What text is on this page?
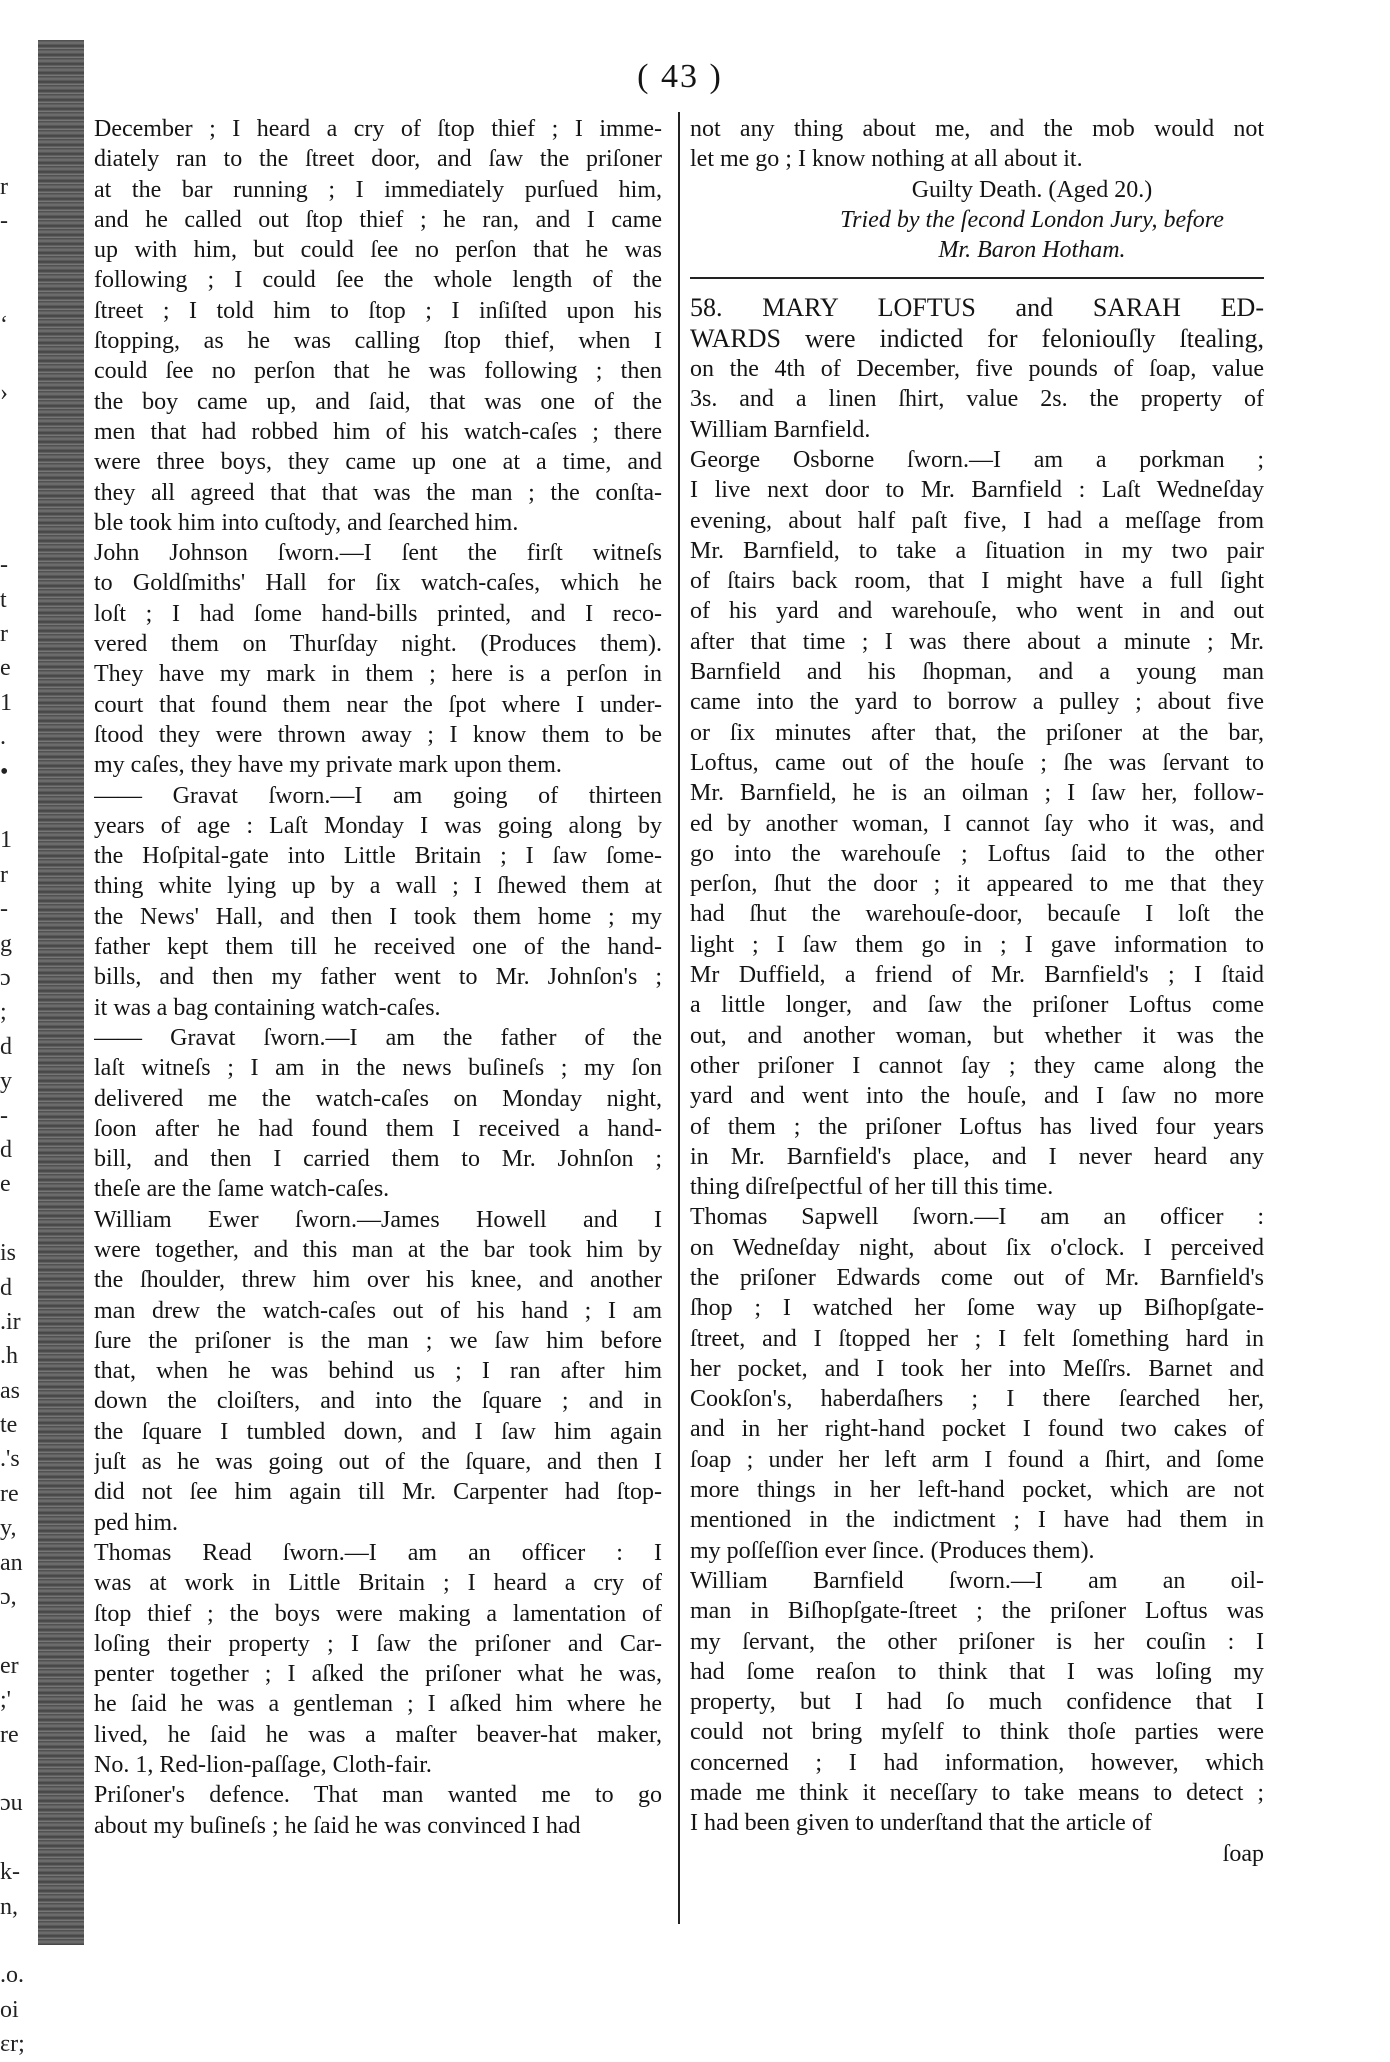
r
-
‘
›
-
t
r
e
1
.
•
1
r
-
g
ɔ
;
d
y
-
d
e
is
d
.ir
.h
as
te
.'s
re
y,
an
ɔ,
er
;'
re
ɔu
k-
n,
.o.
oi
ɛr;
( 43 )
December ; I heard a cry of ſtop thief ; I imme-
diately ran to the ſtreet door, and ſaw the priſoner
at the bar running ; I immediately purſued him,
and he called out ſtop thief ; he ran, and I came
up with him, but could ſee no perſon that he was
following ; I could ſee the whole length of the
ſtreet ; I told him to ſtop ; I inſiſted upon his
ſtopping, as he was calling ſtop thief, when I
could ſee no perſon that he was following ; then
the boy came up, and ſaid, that was one of the
men that had robbed him of his watch-caſes ; there
were three boys, they came up one at a time, and
they all agreed that that was the man ; the conſta-
ble took him into cuſtody, and ſearched him.
John Johnson ſworn.—I ſent the firſt witneſs
to Goldſmiths' Hall for ſix watch-caſes, which he
loſt ; I had ſome hand-bills printed, and I reco-
vered them on Thurſday night. (Produces them).
They have my mark in them ; here is a perſon in
court that found them near the ſpot where I under-
ſtood they were thrown away ; I know them to be
my caſes, they have my private mark upon them.
—— Gravat ſworn.—I am going of thirteen
years of age : Laſt Monday I was going along by
the Hoſpital-gate into Little Britain ; I ſaw ſome-
thing white lying up by a wall ; I ſhewed them at
the News' Hall, and then I took them home ; my
father kept them till he received one of the hand-
bills, and then my father went to Mr. Johnſon's ;
it was a bag containing watch-caſes.
—— Gravat ſworn.—I am the father of the
laſt witneſs ; I am in the news buſineſs ; my ſon
delivered me the watch-caſes on Monday night,
ſoon after he had found them I received a hand-
bill, and then I carried them to Mr. Johnſon ;
theſe are the ſame watch-caſes.
William Ewer ſworn.—James Howell and I
were together, and this man at the bar took him by
the ſhoulder, threw him over his knee, and another
man drew the watch-caſes out of his hand ; I am
ſure the priſoner is the man ; we ſaw him before
that, when he was behind us ; I ran after him
down the cloiſters, and into the ſquare ; and in
the ſquare I tumbled down, and I ſaw him again
juſt as he was going out of the ſquare, and then I
did not ſee him again till Mr. Carpenter had ſtop-
ped him.
Thomas Read ſworn.—I am an officer : I
was at work in Little Britain ; I heard a cry of
ſtop thief ; the boys were making a lamentation of
loſing their property ; I ſaw the priſoner and Car-
penter together ; I aſked the priſoner what he was,
he ſaid he was a gentleman ; I aſked him where he
lived, he ſaid he was a maſter beaver-hat maker,
No. 1, Red-lion-paſſage, Cloth-fair.
Priſoner's defence. That man wanted me to go
about my buſineſs ; he ſaid he was convinced I had
not any thing about me, and the mob would not
let me go ; I know nothing at all about it.
Guilty Death. (Aged 20.)
Tried by the ſecond London Jury, before
Mr. Baron Hotham.
58. MARY LOFTUS and SARAH ED-
WARDS were indicted for feloniouſly ſtealing,
on the 4th of December, five pounds of ſoap, value
3s. and a linen ſhirt, value 2s. the property of
William Barnfield.
George Osborne ſworn.—I am a porkman ;
I live next door to Mr. Barnfield : Laſt Wedneſday
evening, about half paſt five, I had a meſſage from
Mr. Barnfield, to take a ſituation in my two pair
of ſtairs back room, that I might have a full ſight
of his yard and warehouſe, who went in and out
after that time ; I was there about a minute ; Mr.
Barnfield and his ſhopman, and a young man
came into the yard to borrow a pulley ; about five
or ſix minutes after that, the priſoner at the bar,
Loftus, came out of the houſe ; ſhe was ſervant to
Mr. Barnfield, he is an oilman ; I ſaw her, follow-
ed by another woman, I cannot ſay who it was, and
go into the warehouſe ; Loftus ſaid to the other
perſon, ſhut the door ; it appeared to me that they
had ſhut the warehouſe-door, becauſe I loſt the
light ; I ſaw them go in ; I gave information to
Mr Duffield, a friend of Mr. Barnfield's ; I ſtaid
a little longer, and ſaw the priſoner Loftus come
out, and another woman, but whether it was the
other priſoner I cannot ſay ; they came along the
yard and went into the houſe, and I ſaw no more
of them ; the priſoner Loftus has lived four years
in Mr. Barnfield's place, and I never heard any
thing diſreſpectful of her till this time.
Thomas Sapwell ſworn.—I am an officer :
on Wedneſday night, about ſix o'clock. I perceived
the priſoner Edwards come out of Mr. Barnfield's
ſhop ; I watched her ſome way up Biſhopſgate-
ſtreet, and I ſtopped her ; I felt ſomething hard in
her pocket, and I took her into Meſſrs. Barnet and
Cookſon's, haberdaſhers ; I there ſearched her,
and in her right-hand pocket I found two cakes of
ſoap ; under her left arm I found a ſhirt, and ſome
more things in her left-hand pocket, which are not
mentioned in the indictment ; I have had them in
my poſſeſſion ever ſince. (Produces them).
William Barnfield ſworn.—I am an oil-
man in Biſhopſgate-ſtreet ; the priſoner Loftus was
my ſervant, the other priſoner is her couſin : I
had ſome reaſon to think that I was loſing my
property, but I had ſo much confidence that I
could not bring myſelf to think thoſe parties were
concerned ; I had information, however, which
made me think it neceſſary to take means to detect ;
I had been given to underſtand that the article of
ſoap
